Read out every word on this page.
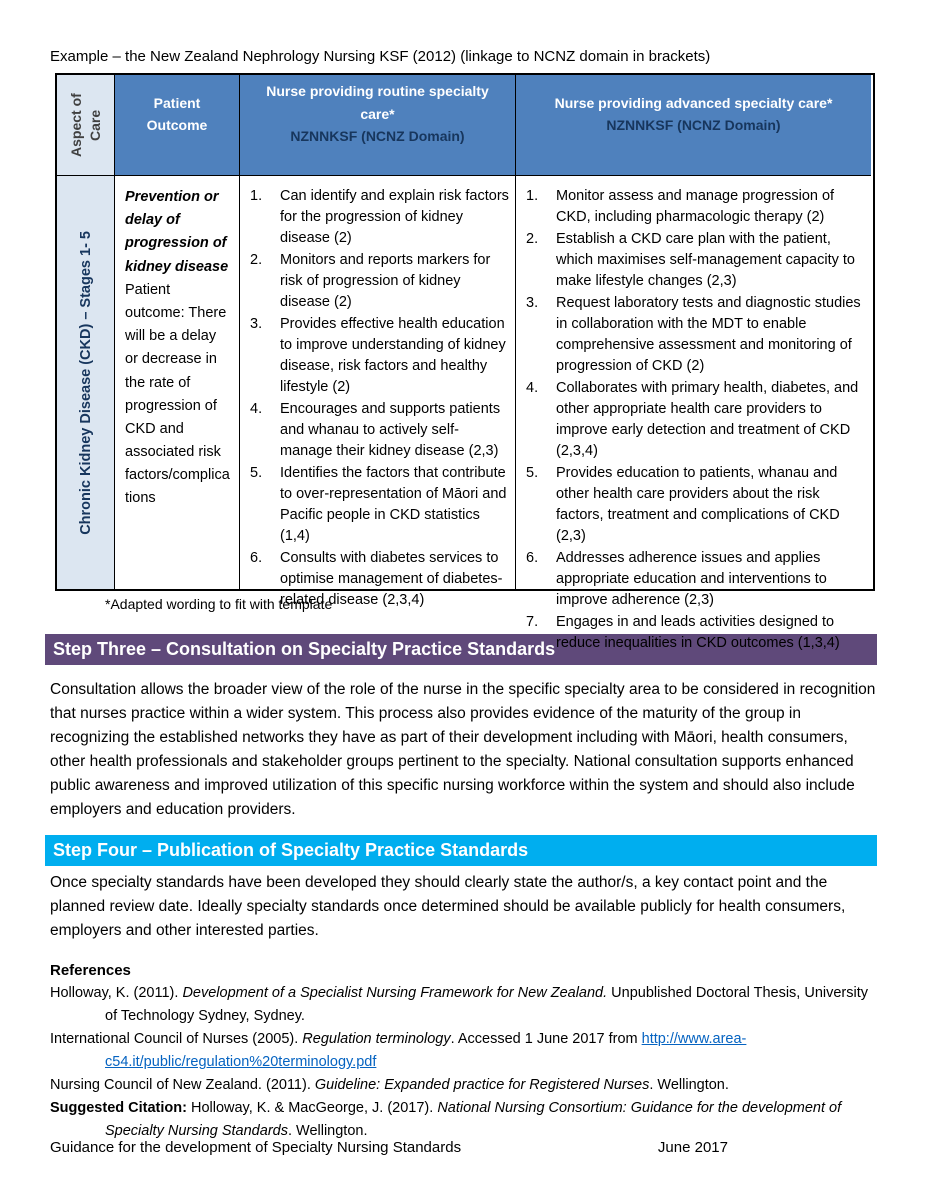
Example – the New Zealand Nephrology Nursing KSF (2012) (linkage to NCNZ domain in brackets)
Aspect of Care
Patient Outcome
Nurse providing routine specialty care*
NZNNKSF (NCNZ Domain)
Nurse providing advanced specialty care*
NZNNKSF (NCNZ Domain)
Chronic Kidney Disease (CKD) – Stages 1- 5
Prevention or delay of progression of kidney disease Patient outcome: There will be a delay or decrease in the rate of progression of CKD and associated risk factors/complications
Can identify and explain risk factors for the progression of kidney disease (2)
Monitors and reports markers for risk of progression of kidney disease (2)
Provides effective health education to improve understanding of kidney disease, risk factors and healthy lifestyle (2)
Encourages and supports patients and whanau to actively self-manage their kidney disease (2,3)
Identifies the factors that contribute to over-representation of Māori and Pacific people in CKD statistics (1,4)
Consults with diabetes services to optimise management of diabetes-related disease (2,3,4)
Monitor assess and manage progression of CKD, including pharmacologic therapy (2)
Establish a CKD care plan with the patient, which maximises self-management capacity to make lifestyle changes (2,3)
Request laboratory tests and diagnostic studies in collaboration with the MDT to enable comprehensive assessment and monitoring of progression of CKD (2)
Collaborates with primary health, diabetes, and other appropriate health care providers to improve early detection and treatment of CKD (2,3,4)
Provides education to patients, whanau and other health care providers about the risk factors, treatment and complications of CKD (2,3)
Addresses adherence issues and applies appropriate education and interventions to improve adherence (2,3)
Engages in and leads activities designed to reduce inequalities in CKD outcomes (1,3,4)
*Adapted wording to fit with template
Step Three – Consultation on Specialty Practice Standards
Consultation allows the broader view of the role of the nurse in the specific specialty area to be considered in recognition that nurses practice within a wider system. This process also provides evidence of the maturity of the group in recognizing the established networks they have as part of their development including with Māori, health consumers, other health professionals and stakeholder groups pertinent to the specialty. National consultation supports enhanced public awareness and improved utilization of this specific nursing workforce within the system and should also include employers and education providers.
Step Four – Publication of Specialty Practice Standards
Once specialty standards have been developed they should clearly state the author/s, a key contact point and the planned review date. Ideally specialty standards once determined should be available publicly for health consumers, employers and other interested parties.
References
Holloway, K. (2011). Development of a Specialist Nursing Framework for New Zealand. Unpublished Doctoral Thesis, University of Technology Sydney, Sydney.
International Council of Nurses (2005). Regulation terminology. Accessed 1 June 2017 from http://www.area-c54.it/public/regulation%20terminology.pdf
Nursing Council of New Zealand. (2011). Guideline: Expanded practice for Registered Nurses. Wellington.
Suggested Citation: Holloway, K. & MacGeorge, J. (2017). National Nursing Consortium: Guidance for the development of Specialty Nursing Standards. Wellington.
Guidance for the development of Specialty Nursing Standards	June 2017
